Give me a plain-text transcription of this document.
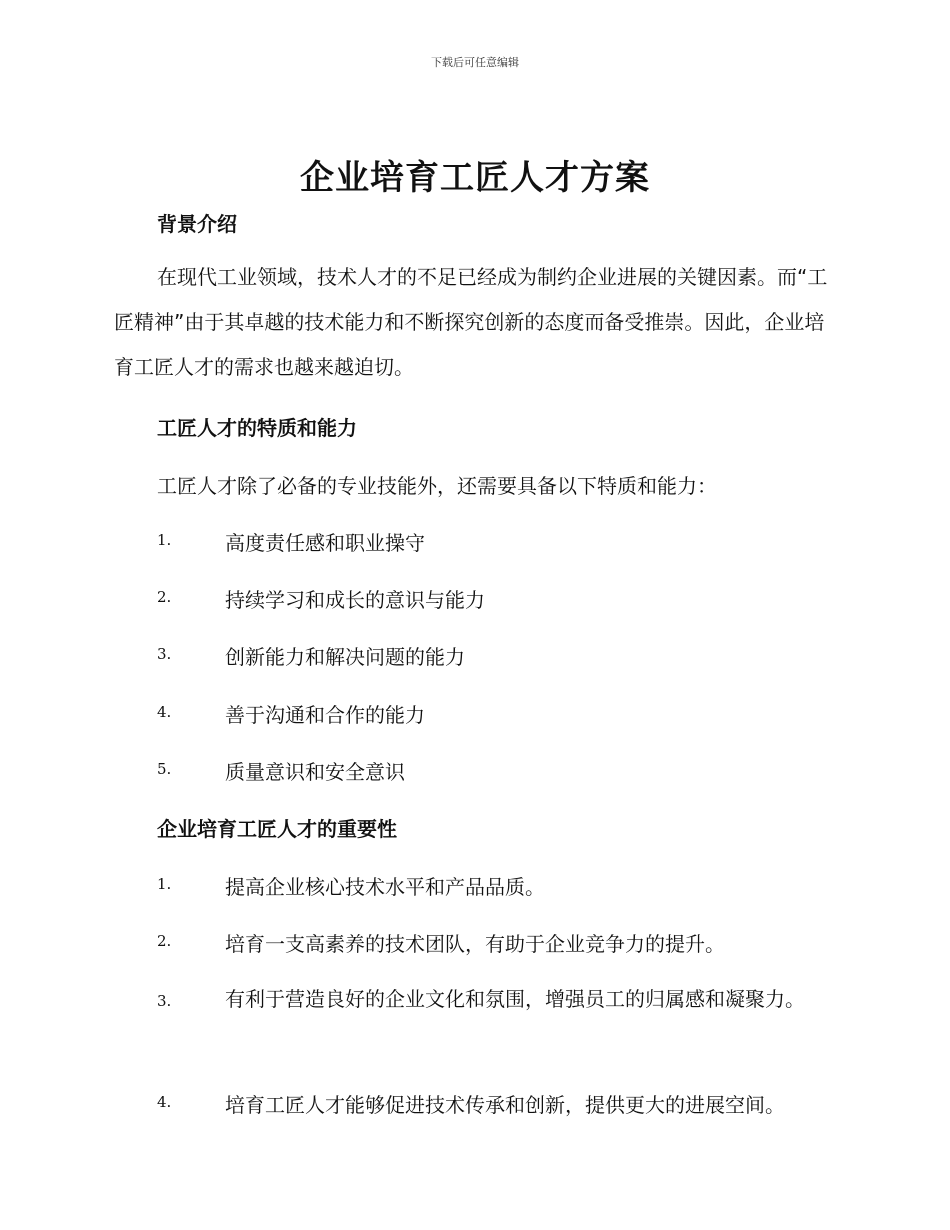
下载后可任意编辑
企业培育工匠人才方案
背景介绍
在现代工业领域，技术人才的不足已经成为制约企业进展的关键因素。而“工匠精神”由于其卓越的技术能力和不断探究创新的态度而备受推崇。因此，企业培育工匠人才的需求也越来越迫切。
工匠人才的特质和能力
工匠人才除了必备的专业技能外，还需要具备以下特质和能力：
1.	高度责任感和职业操守
2.	持续学习和成长的意识与能力
3.	创新能力和解决问题的能力
4.	善于沟通和合作的能力
5.	质量意识和安全意识
企业培育工匠人才的重要性
1.	提高企业核心技术水平和产品品质。
2.	培育一支高素养的技术团队，有助于企业竞争力的提升。
3.	有利于营造良好的企业文化和氛围，增强员工的归属感和凝聚力。
4.	培育工匠人才能够促进技术传承和创新，提供更大的进展空间。
